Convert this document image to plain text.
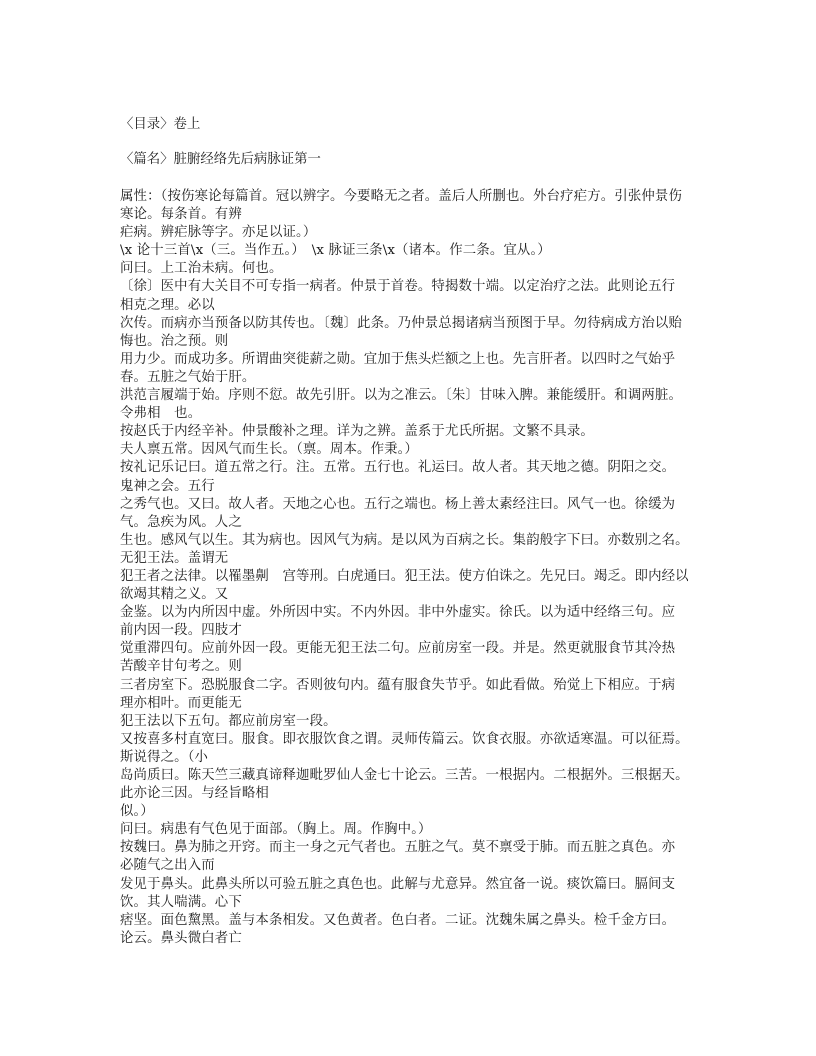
〈目录〉卷上
〈篇名〉脏腑经络先后病脉证第一
属性：（按伤寒论每篇首。冠以辨字。今要略无之者。盖后人所删也。外台疗疟方。引张仲景伤
寒论。每条首。有辨
疟病。辨疟脉等字。亦足以证。）
\x 论十三首\x（三。当作五。）　\x 脉证三条\x（诸本。作二条。宜从。）
问曰。上工治未病。何也。
〔徐〕医中有大关目不可专指一病者。仲景于首卷。特揭数十端。以定治疗之法。此则论五行
相克之理。必以
次传。而病亦当预备以防其传也。〔魏〕此条。乃仲景总揭诸病当预图于早。勿待病成方治以贻
悔也。治之预。则
用力少。而成功多。所谓曲突徙薪之勋。宜加于焦头烂额之上也。先言肝者。以四时之气始乎
春。五脏之气始于肝。
洪范言履端于始。序则不愆。故先引肝。以为之准云。〔朱〕甘味入脾。兼能缓肝。和调两脏。
令弗相　也。
按赵氏于内经辛补。仲景酸补之理。详为之辨。盖系于尤氏所据。文繁不具录。
夫人禀五常。因风气而生长。（禀。周本。作秉。）
按礼记乐记曰。道五常之行。注。五常。五行也。礼运曰。故人者。其天地之德。阴阳之交。
鬼神之会。五行
之秀气也。又曰。故人者。天地之心也。五行之端也。杨上善太素经注曰。风气一也。徐缓为
气。急疾为风。人之
生也。感风气以生。其为病也。因风气为病。是以风为百病之长。集韵般字下曰。亦数别之名。
无犯王法。盖谓无
犯王者之法律。以罹墨劓　宫等刑。白虎通曰。犯王法。使方伯诛之。先兄曰。竭乏。即内经以
欲竭其精之义。又
金鉴。以为内所因中虚。外所因中实。不内外因。非中外虚实。徐氏。以为适中经络三句。应
前内因一段。四肢才
觉重滞四句。应前外因一段。更能无犯王法二句。应前房室一段。并是。然更就服食节其冷热
苦酸辛甘句考之。则
三者房室下。恐脱服食二字。否则彼句内。蕴有服食失节乎。如此看做。殆觉上下相应。于病
理亦相叶。而更能无
犯王法以下五句。都应前房室一段。
又按喜多村直宽曰。服食。即衣服饮食之谓。灵师传篇云。饮食衣服。亦欲适寒温。可以征焉。
斯说得之。（小
岛尚质曰。陈天竺三藏真谛释迦毗罗仙人金七十论云。三苦。一根据内。二根据外。三根据天。
此亦论三因。与经旨略相
似。）
问曰。病患有气色见于面部。（胸上。周。作胸中。）
按魏曰。鼻为肺之开窍。而主一身之元气者也。五脏之气。莫不禀受于肺。而五脏之真色。亦
必随气之出入而
发见于鼻头。此鼻头所以可验五脏之真色也。此解与尤意异。然宜备一说。痰饮篇曰。膈间支
饮。其人喘满。心下
痞坚。面色黧黑。盖与本条相发。又色黄者。色白者。二证。沈魏朱属之鼻头。检千金方曰。
论云。鼻头微白者亡
